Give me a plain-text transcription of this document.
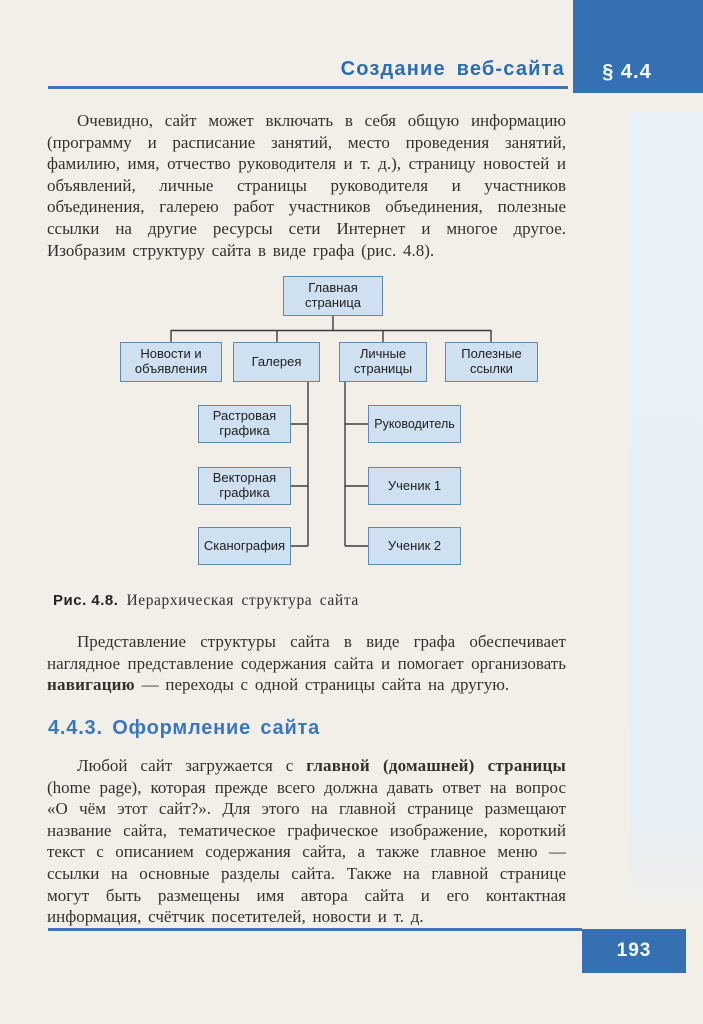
Создание веб-сайта § 4.4

Очевидно, сайт может включать в себя общую информацию (программу и расписание занятий, место проведения занятий, фамилию, имя, отчество руководителя и т. д.), страницу новостей и объявлений, личные страницы руководителя и участников объединения, галерею работ участников объединения, полезные ссылки на другие ресурсы сети Интернет и многое другое. Изобразим структуру сайта в виде графа (рис. 4.8).

Главная страница
Новости и объявления	Галерея	Личные страницы
Полезные ссылки
Растровая графика
Векторная графика
Сканография
Руководитель
Ученик 1
Ученик 2
Рис. 4.8. Иерархическая структура сайта

Представление структуры сайта в виде графа обеспечивает наглядное представление содержания сайта и помогает организовать навигацию — переходы с одной страницы сайта на другую.

4.4.3. Оформление сайта

Любой сайт загружается с главной (домашней) страницы (home page), которая прежде всего должна давать ответ на вопрос «О чём этот сайт?». Для этого на главной странице размещают название сайта, тематическое графическое изображение, короткий текст с описанием содержания сайта, а также главное меню — ссылки на основные разделы сайта. Также на главной странице могут быть размещены имя автора сайта и его контактная информация, счётчик посетителей, новости и т. д.

193
